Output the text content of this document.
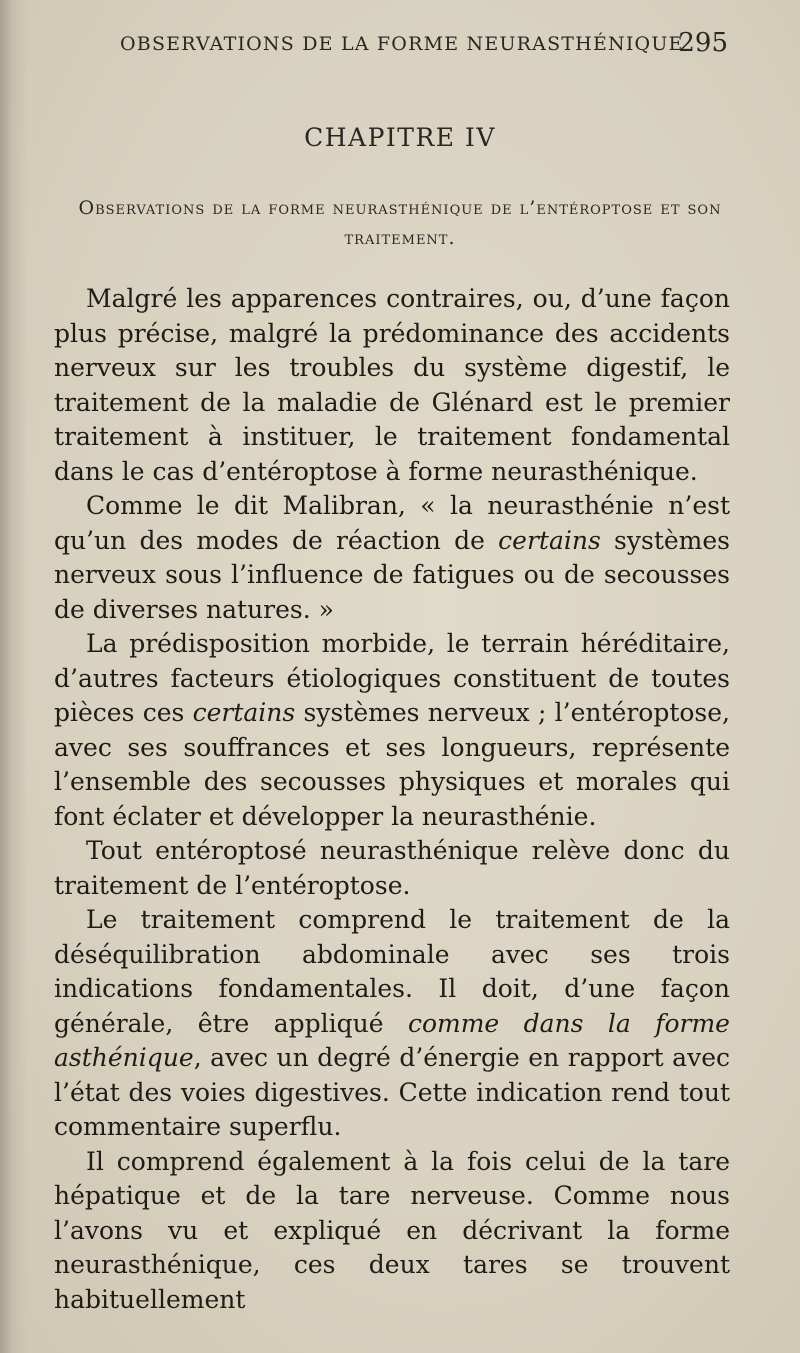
OBSERVATIONS DE LA FORME NEURASTHÉNIQUE
295
CHAPITRE IV
Observations de la forme neurasthénique de l’entéroptose et son traitement.

Malgré les apparences contraires, ou, d’une façon plus précise, malgré la prédominance des accidents nerveux sur les troubles du système digestif, le traitement de la maladie de Glénard est le premier traitement à instituer, le traitement fondamental dans le cas d’entéroptose à forme neurasthénique.

Comme le dit Malibran, « la neurasthénie n’est qu’un des modes de réaction de certains systèmes nerveux sous l’influence de fatigues ou de secousses de diverses natures. »

La prédisposition morbide, le terrain héréditaire, d’autres facteurs étiologiques constituent de toutes pièces ces certains systèmes nerveux ; l’entéroptose, avec ses souffrances et ses longueurs, représente l’ensemble des secousses physiques et morales qui font éclater et développer la neurasthénie.

Tout entéroptosé neurasthénique relève donc du traitement de l’entéroptose.

Le traitement comprend le traitement de la déséquilibration abdominale avec ses trois indications fondamentales. Il doit, d’une façon générale, être appliqué comme dans la forme asthénique, avec un degré d’énergie en rapport avec l’état des voies digestives. Cette indication rend tout commentaire superflu.

Il comprend également à la fois celui de la tare hépatique et de la tare nerveuse. Comme nous l’avons vu et expliqué en décrivant la forme neurasthénique, ces deux tares se trouvent habituellement
